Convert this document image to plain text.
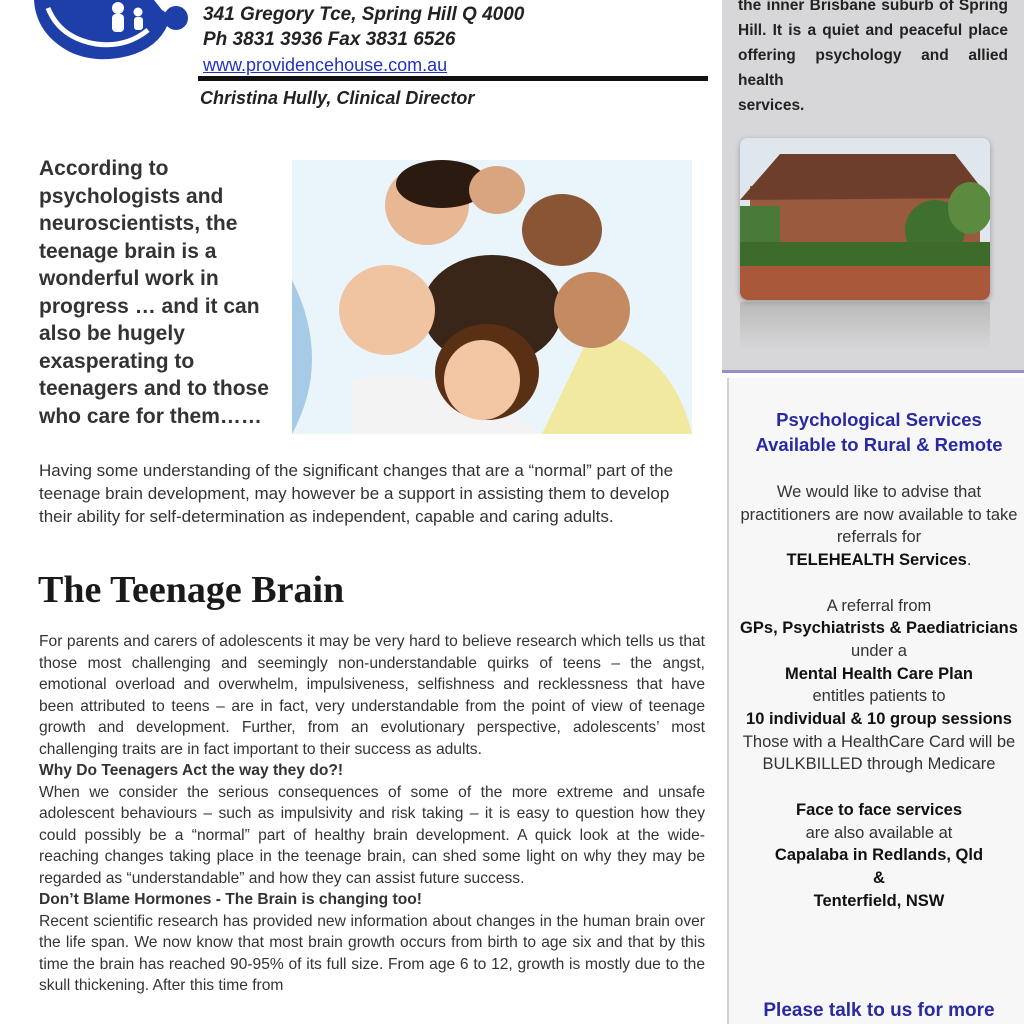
341 Gregory Tce, Spring Hill Q 4000
Ph 3831 3936 Fax 3831 6526
www.providencehouse.com.au
Christina Hully, Clinical Director

According to psychologists and neuroscientists, the teenage brain is a wonderful work in progress … and it can also be hugely exasperating to teenagers and to those who care for them……

Having some understanding of the significant changes that are a “normal” part of the teenage brain development, may however be a support in assisting them to develop their ability for self-determination as independent, capable and caring adults.

The Teenage Brain

For parents and carers of adolescents it may be very hard to believe research which tells us that those most challenging and seemingly non-understandable quirks of teens – the angst, emotional overload and overwhelm, impulsiveness, selfishness and recklessness that have been attributed to teens – are in fact, very understandable from the point of view of teenage growth and development. Further, from an evolutionary perspective, adolescents’ most challenging traits are in fact important to their success as adults.

Why Do Teenagers Act the way they do?!

When we consider the serious consequences of some of the more extreme and unsafe adolescent behaviours – such as impulsivity and risk taking – it is easy to question how they could possibly be a “normal” part of healthy brain development. A quick look at the wide-reaching changes taking place in the teenage brain, can shed some light on why they may be regarded as “understandable” and how they can assist future success.

Don’t Blame Hormones - The Brain is changing too!

Recent scientific research has provided new information about changes in the human brain over the life span. We now know that most brain growth occurs from birth to age six and that by this time the brain has reached 90-95% of its full size. From age 6 to 12, growth is mostly due to the skull thickening. After this time from

the inner Brisbane suburb of Spring Hill. It is a quiet and peaceful place offering psychology and allied health

services.

Psychological Services
Available to Rural & Remote
We would like to advise that practitioners are now available to take referrals for
TELEHEALTH Services.
A referral from
GPs, Psychiatrists & Paediatricians
under a
Mental Health Care Plan
entitles patients to
10 individual & 10 group sessions
Those with a HealthCare Card will be BULKBILLED through Medicare
Face to face services
are also available at
Capalaba in Redlands, Qld
&
Tenterfield, NSW
Please talk to us for more
